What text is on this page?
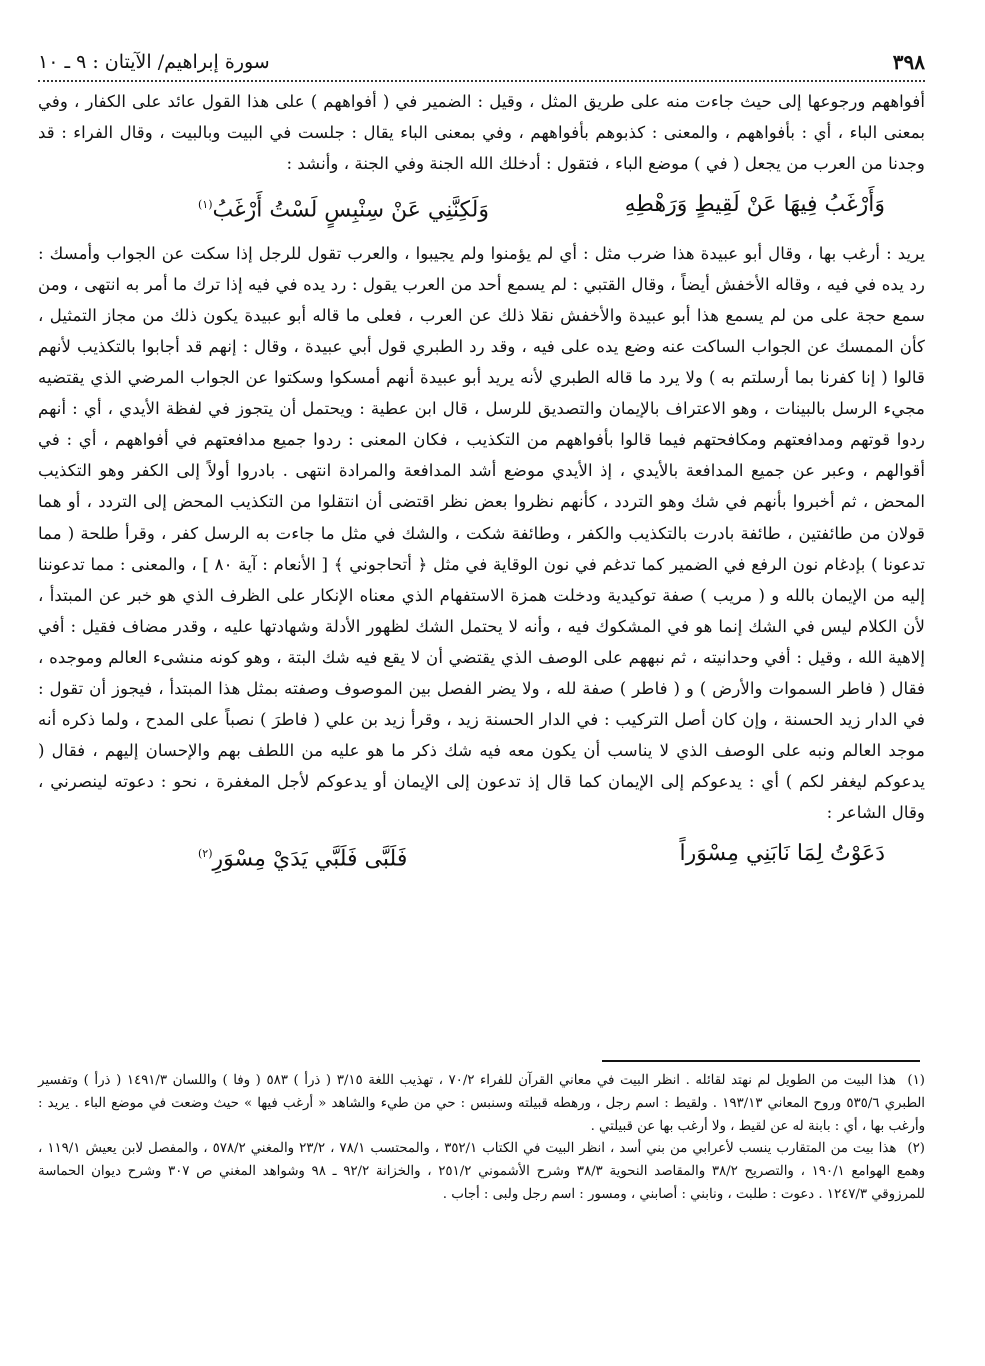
سورة إبراهيم/ الآيتان : ٩ ـ ١٠	٣٩٨

أفواههم ورجوعها إلى حيث جاءت منه على طريق المثل ، وقيل : الضمير في ( أفواههم ) على هذا القول عائد على الكفار ، وفي بمعنى الباء ، أي : بأفواههم ، والمعنى : كذبوهم بأفواههم ، وفي بمعنى الباء يقال : جلست في البيت وبالبيت ، وقال الفراء : قد وجدنا من العرب من يجعل ( في ) موضع الباء ، فتقول : أدخلك الله الجنة وفي الجنة ، وأنشد :

وَأَرْغَبُ فِيهَا عَنْ لَقِيطٍ وَرَهْطِهِ
وَلَكِنَّنِي عَنْ سِنْبِسٍ لَسْتُ أَرْغَبُ$^{(١)}$

يريد : أرغب بها ، وقال أبو عبيدة هذا ضرب مثل : أي لم يؤمنوا ولم يجيبوا ، والعرب تقول للرجل إذا سكت عن الجواب وأمسك : رد يده في فيه ، وقاله الأخفش أيضاً ، وقال القتبي : لم يسمع أحد من العرب يقول : رد يده في فيه إذا ترك ما أمر به انتهى ، ومن سمع حجة على من لم يسمع هذا أبو عبيدة والأخفش نقلا ذلك عن العرب ، فعلى ما قاله أبو عبيدة يكون ذلك من مجاز التمثيل ، كأن الممسك عن الجواب الساكت عنه وضع يده على فيه ، وقد رد الطبري قول أبي عبيدة ، وقال : إنهم قد أجابوا بالتكذيب لأنهم قالوا ( إنا كفرنا بما أرسلتم به ) ولا يرد ما قاله الطبري لأنه يريد أبو عبيدة أنهم أمسكوا وسكتوا عن الجواب المرضي الذي يقتضيه مجيء الرسل بالبينات ، وهو الاعتراف بالإيمان والتصديق للرسل ، قال ابن عطية : ويحتمل أن يتجوز في لفظة الأيدي ، أي : أنهم ردوا قوتهم ومدافعتهم ومكافحتهم فيما قالوا بأفواههم من التكذيب ، فكان المعنى : ردوا جميع مدافعتهم في أفواههم ، أي : في أقوالهم ، وعبر عن جميع المدافعة بالأيدي ، إذ الأيدي موضع أشد المدافعة والمرادة انتهى . بادروا أولاً إلى الكفر وهو التكذيب المحض ، ثم أخبروا بأنهم في شك وهو التردد ، كأنهم نظروا بعض نظر اقتضى أن انتقلوا من التكذيب المحض إلى التردد ، أو هما قولان من طائفتين ، طائفة بادرت بالتكذيب والكفر ، وطائفة شكت ، والشك في مثل ما جاءت به الرسل كفر ، وقرأ طلحة ( مما تدعونا ) بإدغام نون الرفع في الضمير كما تدغم في نون الوقاية في مثل ﴿ أتحاجوني ﴾ [ الأنعام : آية ٨٠ ] ، والمعنى : مما تدعوننا إليه من الإيمان بالله و ( مريب ) صفة توكيدية ودخلت همزة الاستفهام الذي معناه الإنكار على الظرف الذي هو خبر عن المبتدأ ، لأن الكلام ليس في الشك إنما هو في المشكوك فيه ، وأنه لا يحتمل الشك لظهور الأدلة وشهادتها عليه ، وقدر مضاف فقيل : أفي إلاهية الله ، وقيل : أفي وحدانيته ، ثم نبههم على الوصف الذي يقتضي أن لا يقع فيه شك البتة ، وهو كونه منشىء العالم وموجده ، فقال ( فاطر السموات والأرض ) و ( فاطر ) صفة لله ، ولا يضر الفصل بين الموصوف وصفته بمثل هذا المبتدأ ، فيجوز أن تقول : في الدار زيد الحسنة ، وإن كان أصل التركيب : في الدار الحسنة زيد ، وقرأ زيد بن علي ( فاطرَ ) نصباً على المدح ، ولما ذكره أنه موجد العالم ونبه على الوصف الذي لا يناسب أن يكون معه فيه شك ذكر ما هو عليه من اللطف بهم والإحسان إليهم ، فقال ( يدعوكم ليغفر لكم ) أي : يدعوكم إلى الإيمان كما قال إذ تدعون إلى الإيمان أو يدعوكم لأجل المغفرة ، نحو : دعوته لينصرني ، وقال الشاعر :

دَعَوْتُ لِمَا نَابَنِي مِسْوَراً
فَلَبَّى فَلَبَّي يَدَيْ مِسْوَرِ$^{(٢)}$

(١) هذا البيت من الطويل لم نهتد لقائله . انظر البيت في معاني القرآن للفراء ٧٠/٢ ، تهذيب اللغة ٣/١٥ ( ذرأ ) ٥٨٣ ( وفا ) واللسان ١٤٩١/٣ ( ذرأ ) وتفسير الطبري ٥٣٥/٦ وروح المعاني ١٩٣/١٣ . ولقيط : اسم رجل ، ورهطه قبيلته وسنبس : حي من طيء والشاهد « أرغب فيها » حيث وضعت في موضع الباء . يريد : وأرغب بها ، أي : بابنة له عن لقيط ، ولا أرغب بها عن قبيلتي .

(٢) هذا بيت من المتقارب ينسب لأعرابي من بني أسد ، انظر البيت في الكتاب ٣٥٢/١ ، والمحتسب ٧٨/١ ، ٢٣/٢ والمغني ٥٧٨/٢ ، والمفصل لابن يعيش ١١٩/١ ، وهمع الهوامع ١٩٠/١ ، والتصريح ٣٨/٢ والمقاصد النحوية ٣٨/٣ وشرح الأشموني ٢٥١/٢ ، والخزانة ٩٢/٢ ـ ٩٨ وشواهد المغني ص ٣٠٧ وشرح ديوان الحماسة للمرزوقي ١٢٤٧/٣ . دعوت : طلبت ، ونابني : أصابني ، ومسور : اسم رجل ولبى : أجاب .
